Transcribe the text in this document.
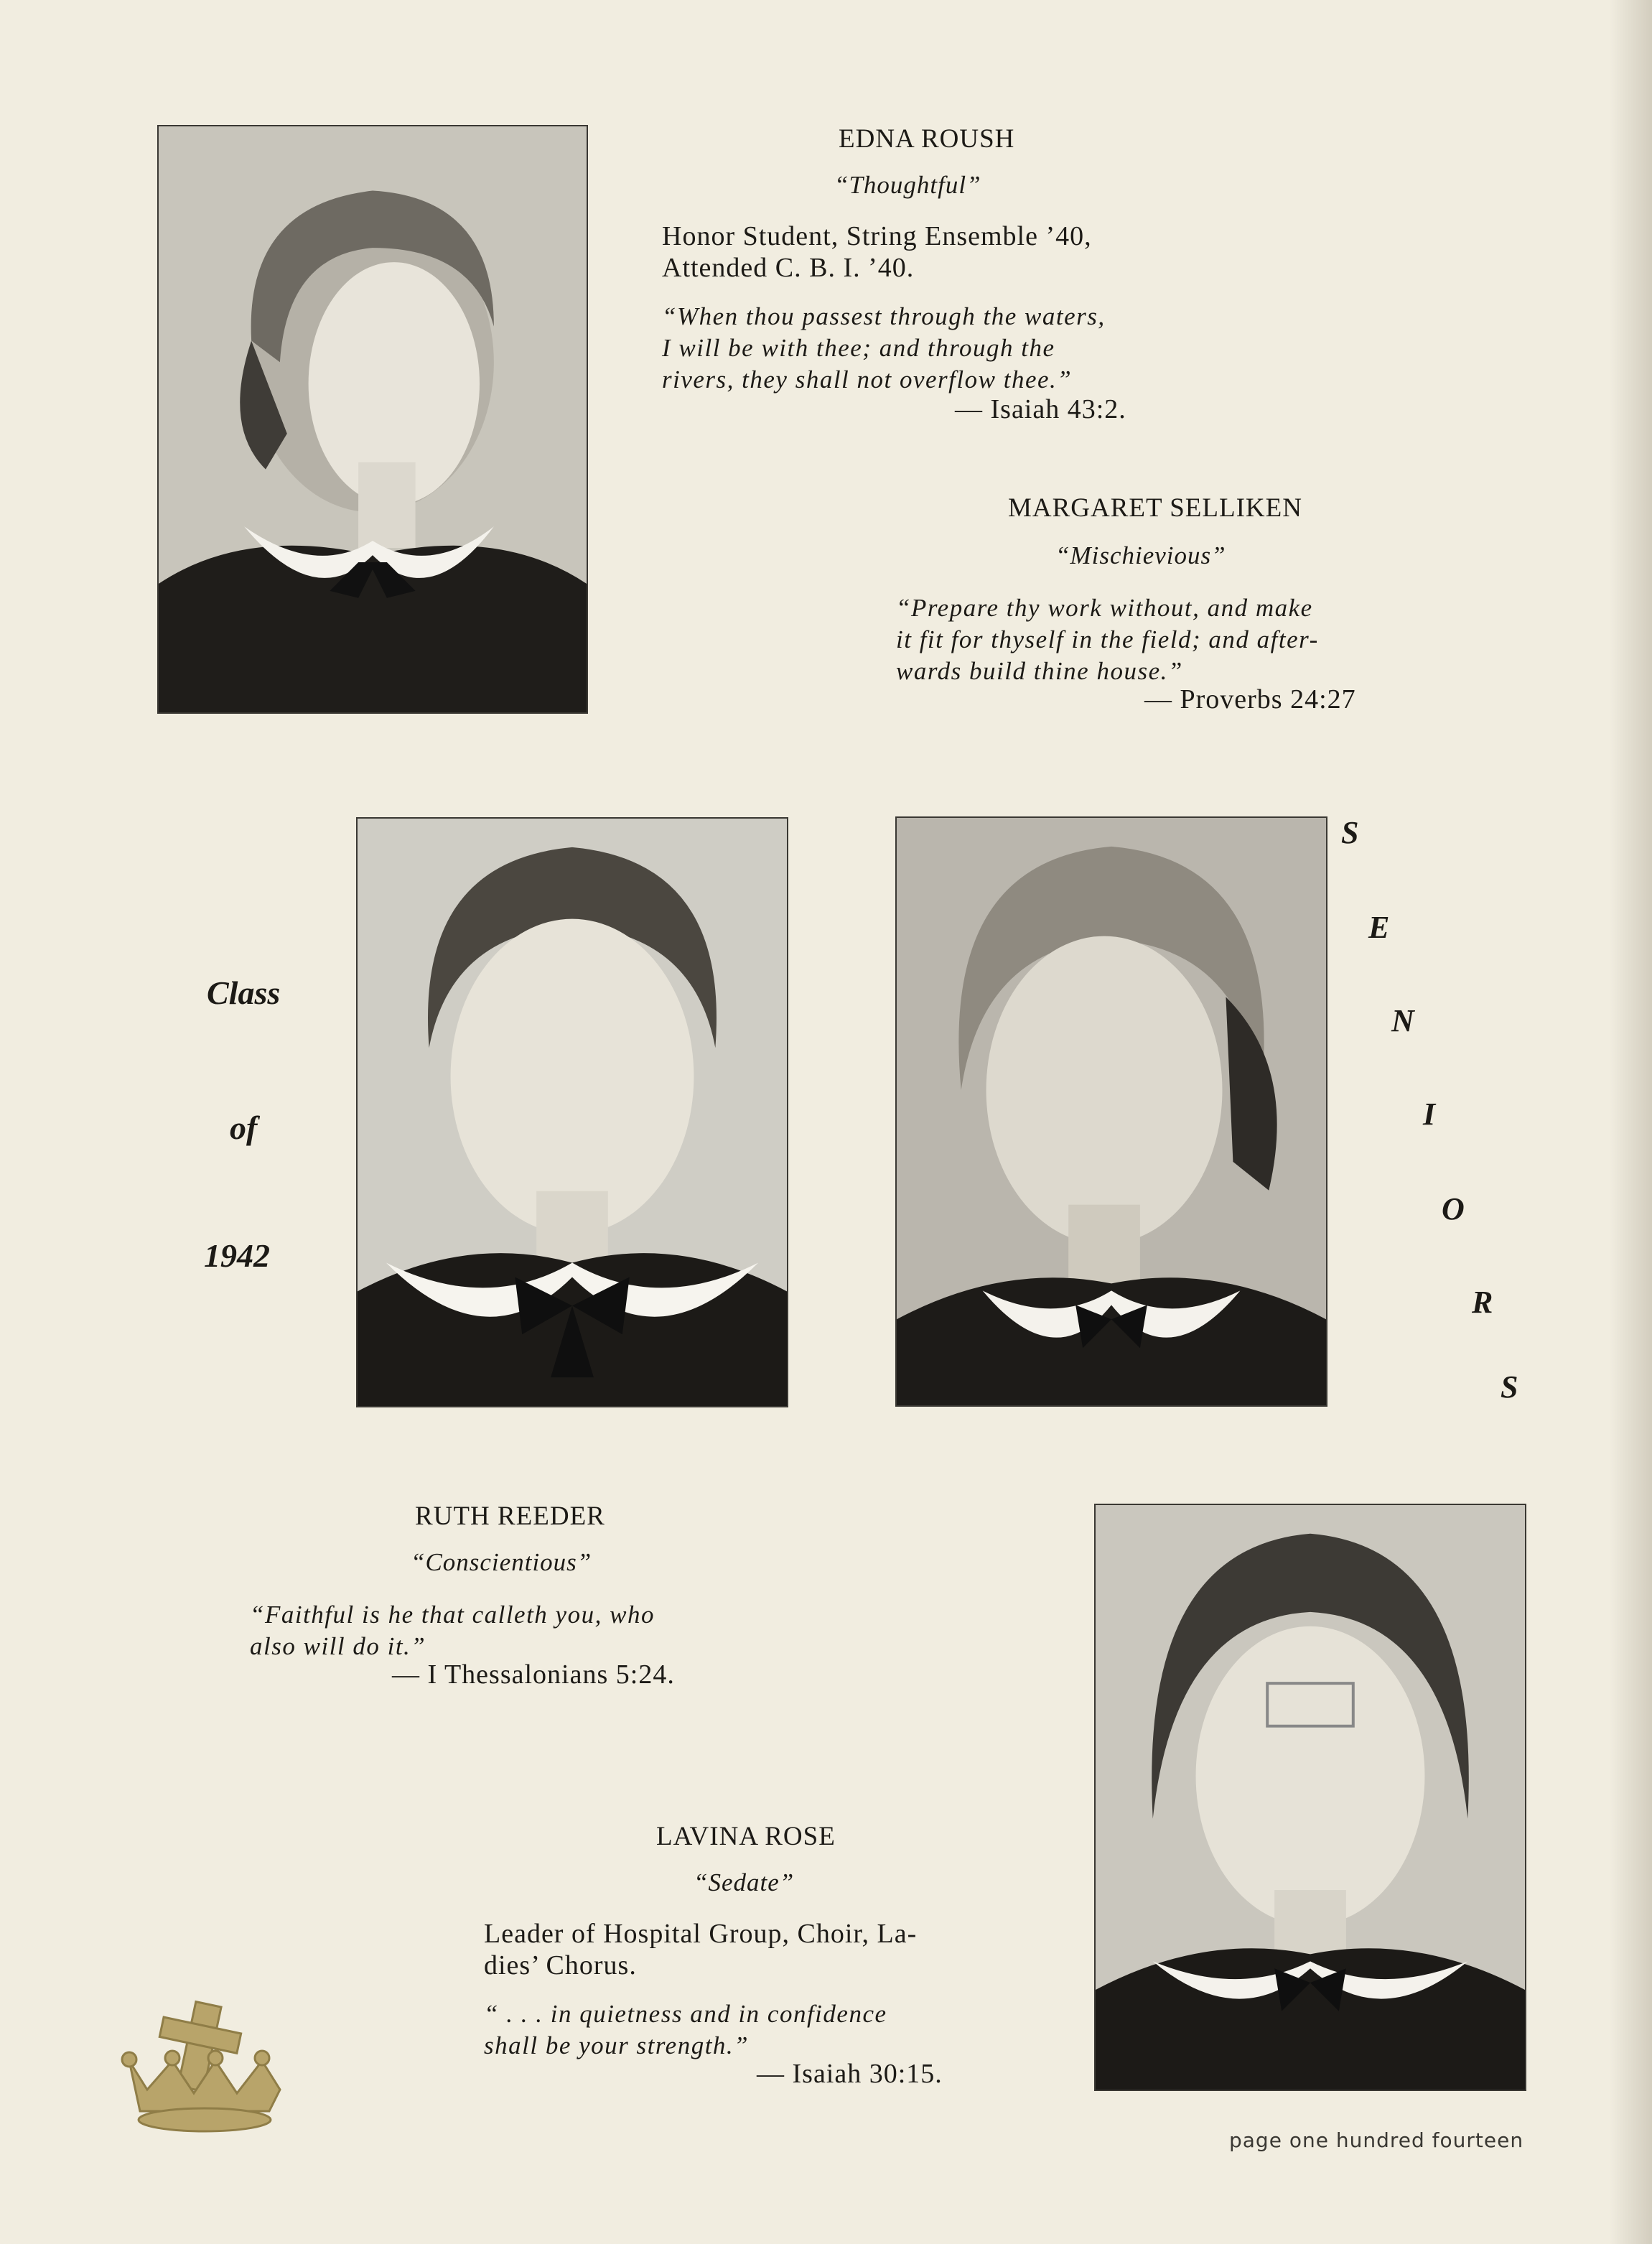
EDNA ROUSH
“Thoughtful”
Honor Student, String Ensemble ’40,
Attended C. B. I. ’40.
“When thou passest through the waters,
I will be with thee; and through the
rivers, they shall not overflow thee.”
— Isaiah 43:2.
MARGARET SELLIKEN
“Mischievious”
“Prepare thy work without, and make
it fit for thyself in the field; and after-
wards build thine house.”
— Proverbs 24:27
Class
of
1942
S
E
N
I
O
R
S
RUTH REEDER
“Conscientious”
“Faithful is he that calleth you, who
also will do it.”
— I Thessalonians 5:24.
LAVINA ROSE
“Sedate”
Leader of Hospital Group, Choir, La-
dies’ Chorus.
“ . . . in quietness and in confidence
shall be your strength.”
— Isaiah 30:15.
page one hundred fourteen
